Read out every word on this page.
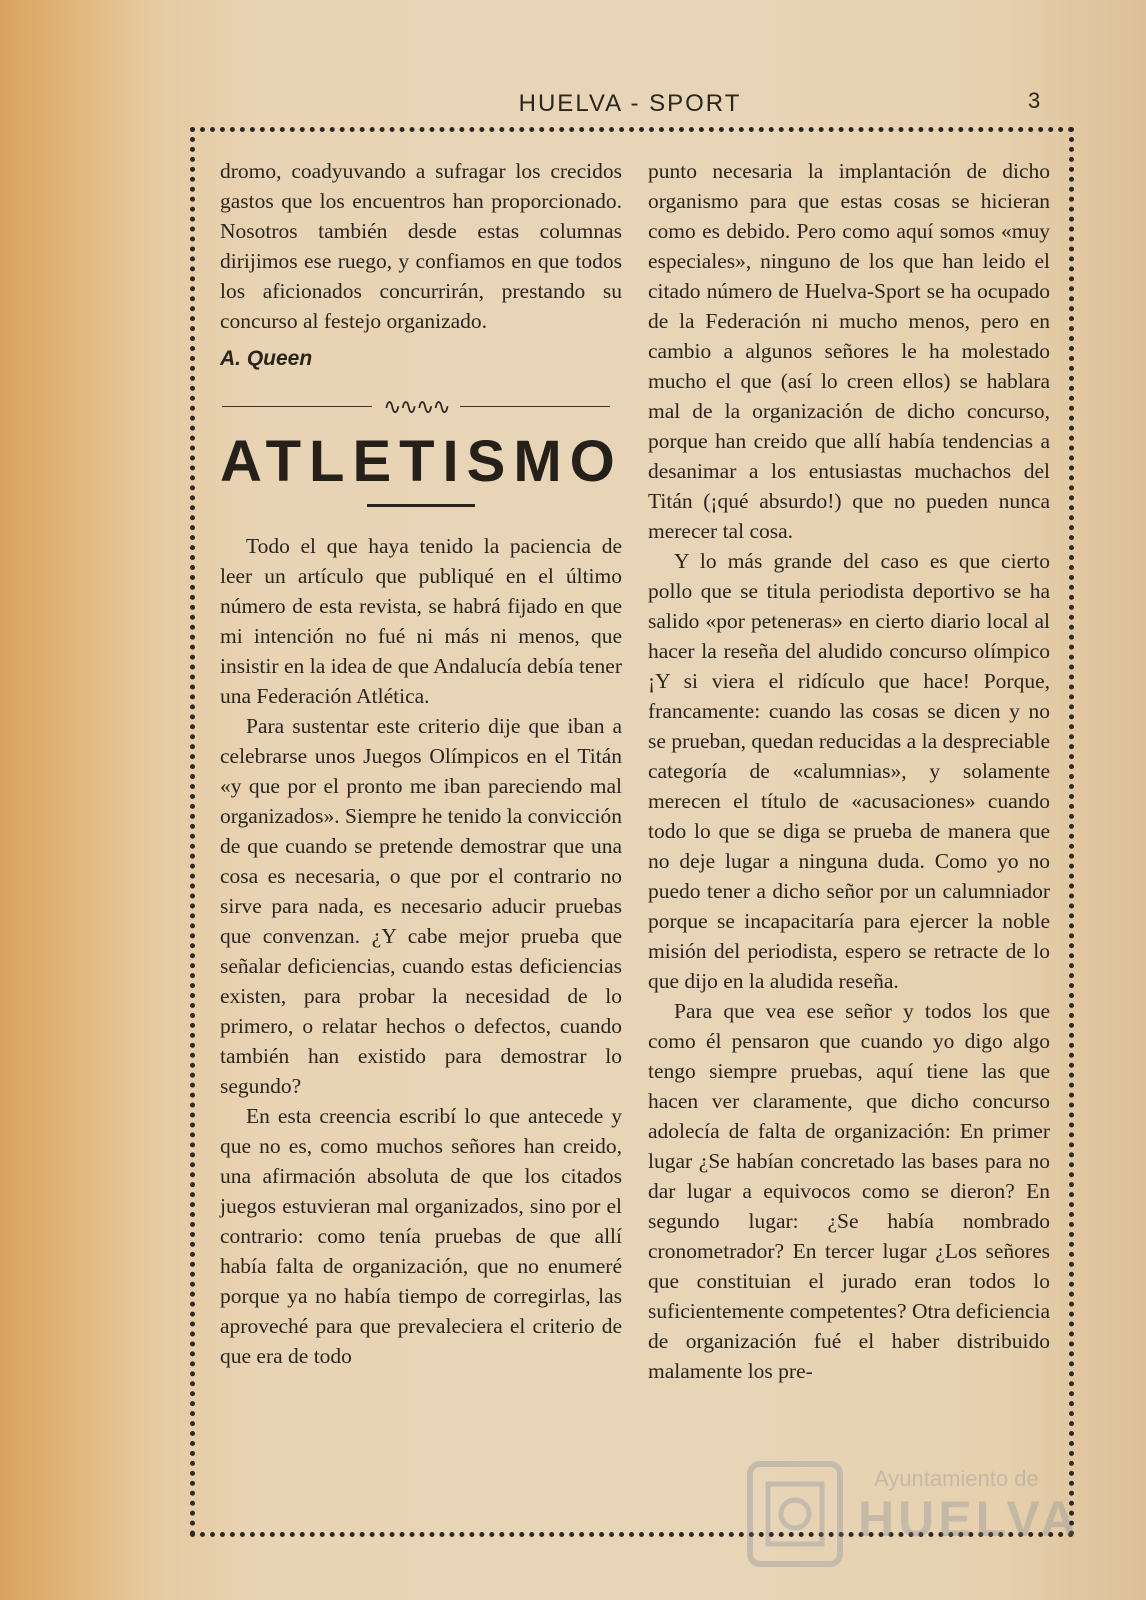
HUELVA - SPORT	3

dromo, coadyuvando a sufragar los crecidos gastos que los encuentros han proporcionado. Nosotros también desde estas columnas dirijimos ese ruego, y confiamos en que todos los aficionados concurrirán, prestando su concurso al festejo organizado.

A. Queen

∿∿∿∿
ATLETISMO

Todo el que haya tenido la paciencia de leer un artículo que publiqué en el último número de esta revista, se habrá fijado en que mi intención no fué ni más ni menos, que insistir en la idea de que Andalucía debía tener una Federación Atlética.

Para sustentar este criterio dije que iban a celebrarse unos Juegos Olímpicos en el Titán «y que por el pronto me iban pareciendo mal organizados». Siempre he tenido la convicción de que cuando se pretende demostrar que una cosa es necesaria, o que por el contrario no sirve para nada, es necesario aducir pruebas que convenzan. ¿Y cabe mejor prueba que señalar deficiencias, cuando estas deficiencias existen, para probar la necesidad de lo primero, o relatar hechos o defectos, cuando también han existido para demostrar lo segundo?

En esta creencia escribí lo que antecede y que no es, como muchos señores han creido, una afirmación absoluta de que los citados juegos estuvieran mal organizados, sino por el contrario: como tenía pruebas de que allí había falta de organización, que no enumeré porque ya no había tiempo de corregirlas, las aproveché para que prevaleciera el criterio de que era de todo

punto necesaria la implantación de dicho organismo para que estas cosas se hicieran como es debido. Pero como aquí somos «muy especiales», ninguno de los que han leido el citado número de Huelva-Sport se ha ocupado de la Federación ni mucho menos, pero en cambio a algunos señores le ha molestado mucho el que (así lo creen ellos) se hablara mal de la organización de dicho concurso, porque han creido que allí había tendencias a desanimar a los entusiastas muchachos del Titán (¡qué absurdo!) que no pueden nunca merecer tal cosa.

Y lo más grande del caso es que cierto pollo que se titula periodista deportivo se ha salido «por peteneras» en cierto diario local al hacer la reseña del aludido concurso olímpico ¡Y si viera el ridículo que hace! Porque, francamente: cuando las cosas se dicen y no se prueban, quedan reducidas a la despreciable categoría de «calumnias», y solamente merecen el título de «acusaciones» cuando todo lo que se diga se prueba de manera que no deje lugar a ninguna duda. Como yo no puedo tener a dicho señor por un calumniador porque se incapacitaría para ejercer la noble misión del periodista, espero se retracte de lo que dijo en la aludida reseña.

Para que vea ese señor y todos los que como él pensaron que cuando yo digo algo tengo siempre pruebas, aquí tiene las que hacen ver claramente, que dicho concurso adolecía de falta de organización: En primer lugar ¿Se habían concretado las bases para no dar lugar a equivocos como se dieron? En segundo lugar: ¿Se había nombrado cronometrador? En tercer lugar ¿Los señores que constituian el jurado eran todos lo suficientemente competentes? Otra deficiencia de organización fué el haber distribuido malamente los pre-

Ayuntamiento de
HUELVA
